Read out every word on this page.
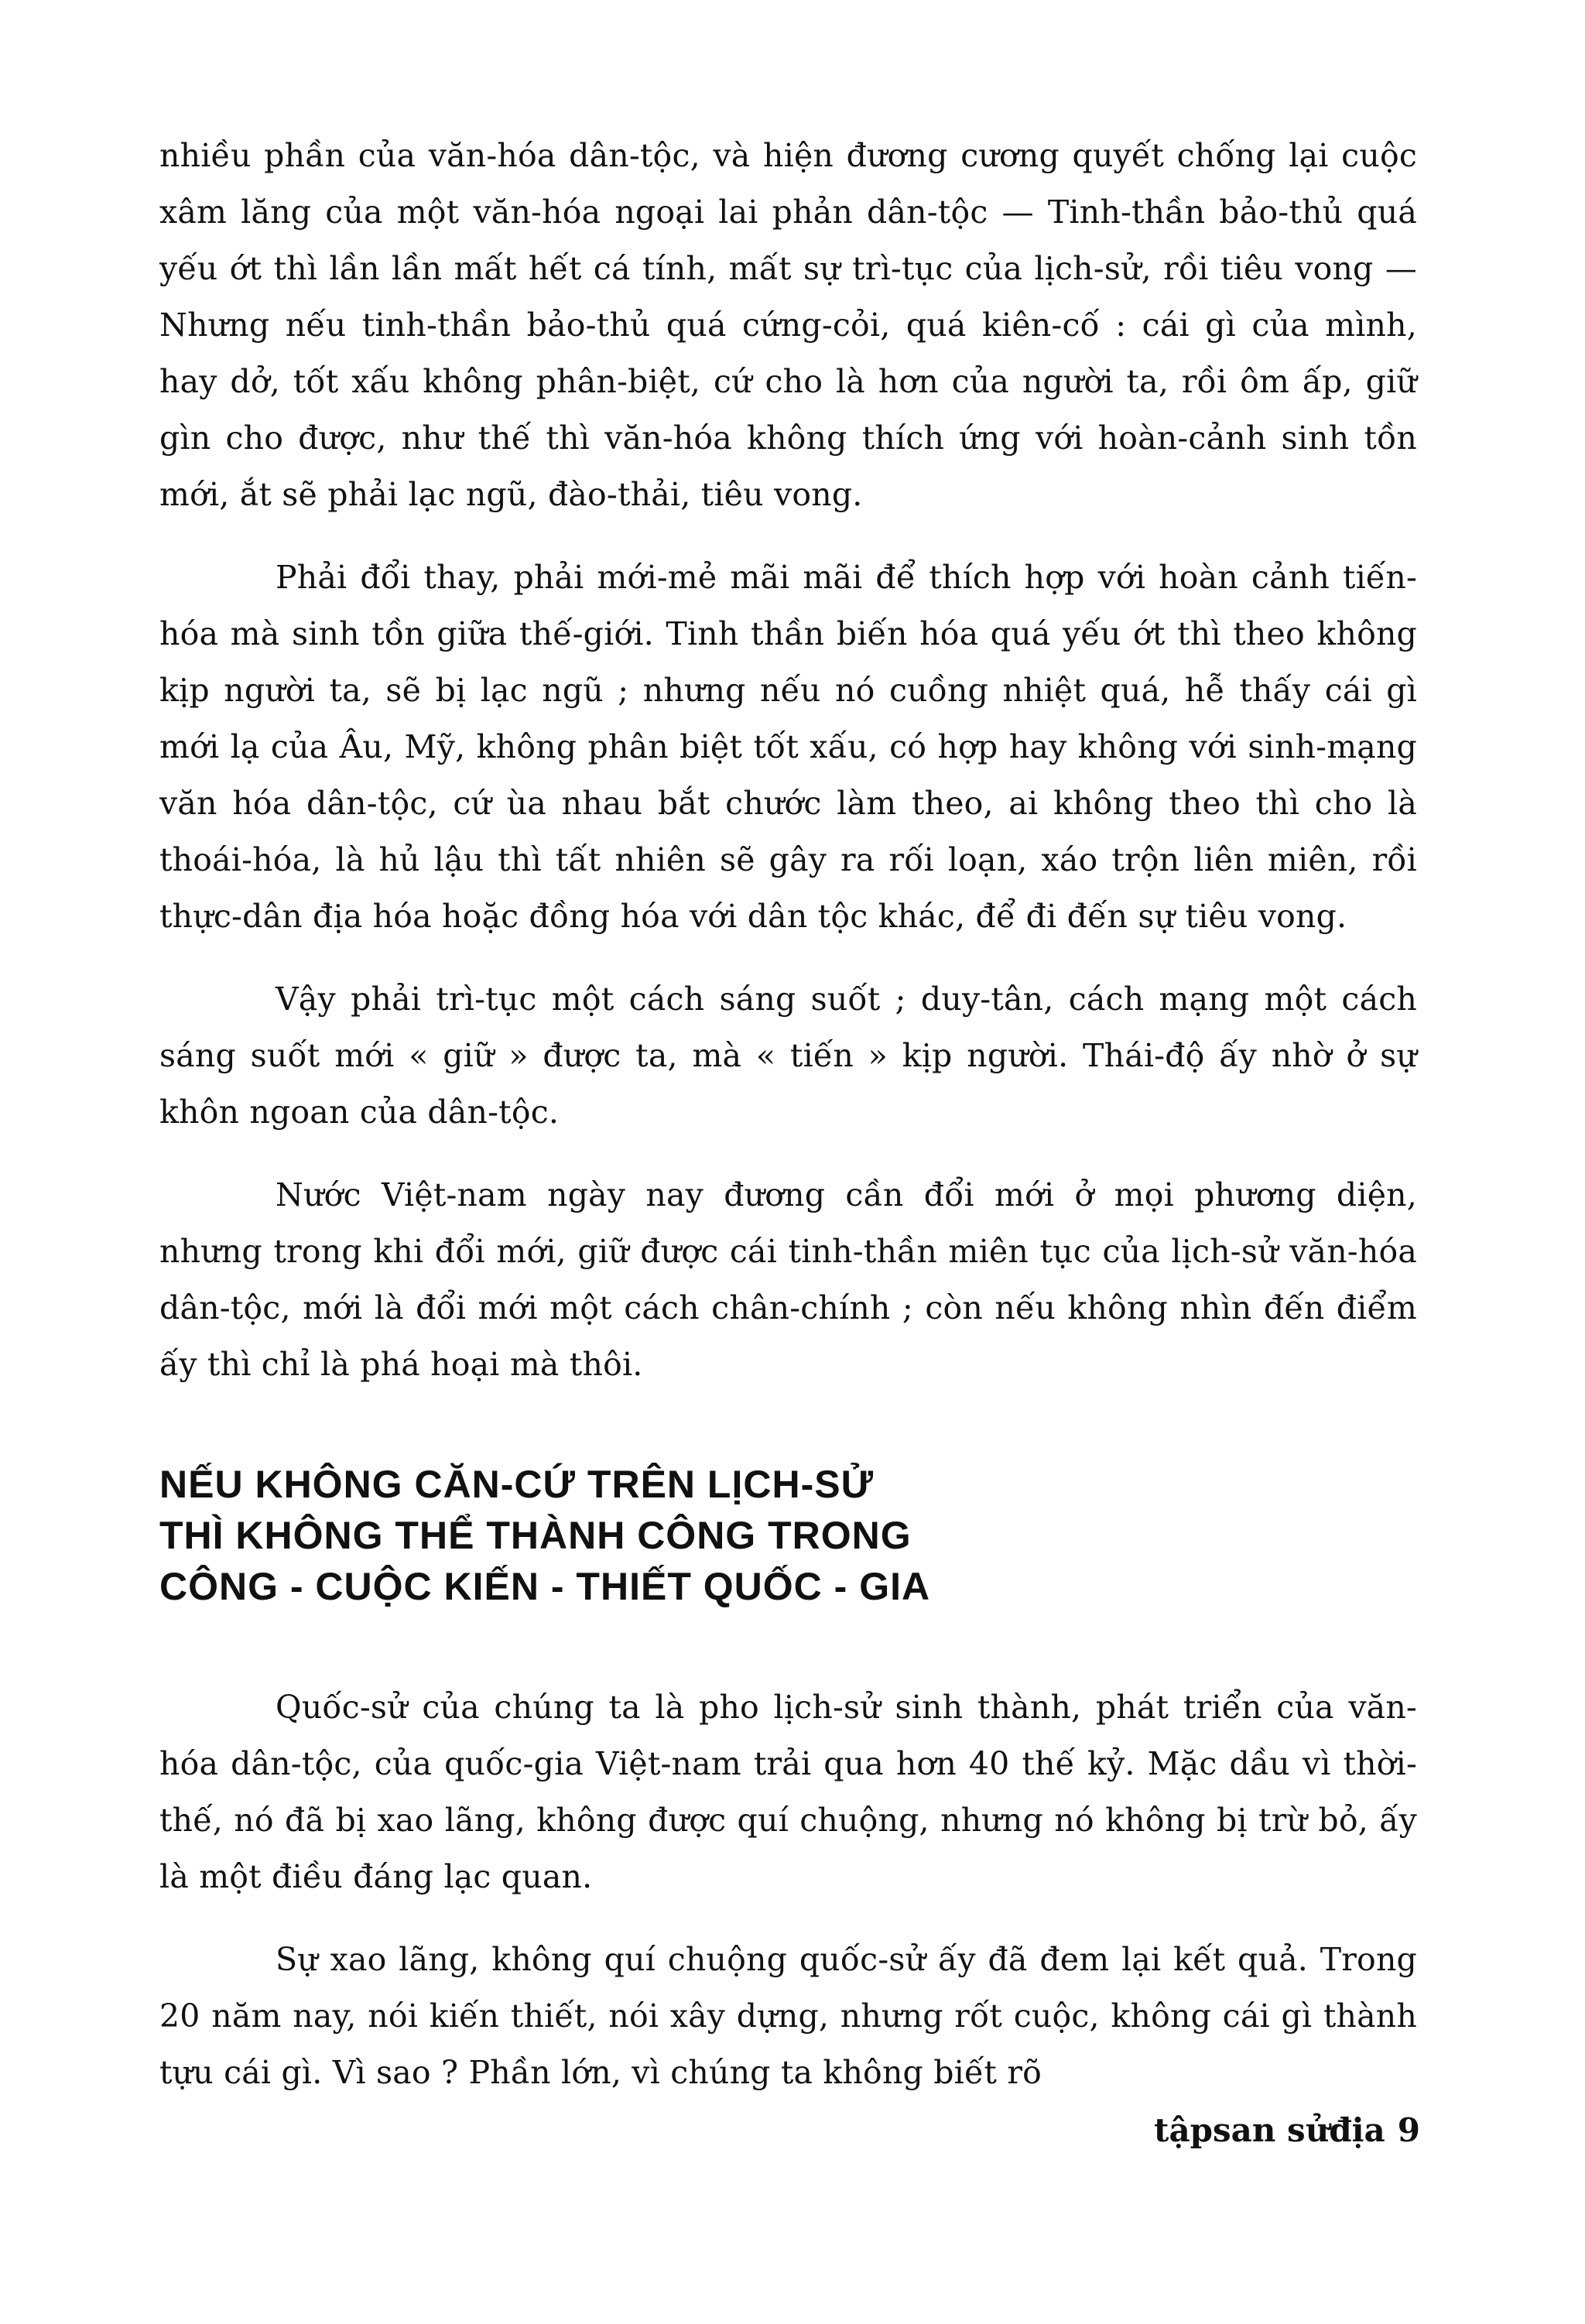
nhiều phần của văn-hóa dân-tộc, và hiện đương cương quyết chống lại cuộc xâm lăng của một văn-hóa ngoại lai phản dân-tộc — Tinh-thần bảo-thủ quá yếu ớt thì lần lần mất hết cá tính, mất sự trì-tục của lịch-sử, rồi tiêu vong — Nhưng nếu tinh-thần bảo-thủ quá cứng-cỏi, quá kiên-cố : cái gì của mình, hay dở, tốt xấu không phân-biệt, cứ cho là hơn của người ta, rồi ôm ấp, giữ gìn cho được, như thế thì văn-hóa không thích ứng với hoàn-cảnh sinh tồn mới, ắt sẽ phải lạc ngũ, đào-thải, tiêu vong.

Phải đổi thay, phải mới-mẻ mãi mãi để thích hợp với hoàn cảnh tiến-hóa mà sinh tồn giữa thế-giới. Tinh thần biến hóa quá yếu ớt thì theo không kịp người ta, sẽ bị lạc ngũ ; nhưng nếu nó cuồng nhiệt quá, hễ thấy cái gì mới lạ của Âu, Mỹ, không phân biệt tốt xấu, có hợp hay không với sinh-mạng văn hóa dân-tộc, cứ ùa nhau bắt chước làm theo, ai không theo thì cho là thoái-hóa, là hủ lậu thì tất nhiên sẽ gây ra rối loạn, xáo trộn liên miên, rồi thực-dân địa hóa hoặc đồng hóa với dân tộc khác, để đi đến sự tiêu vong.

Vậy phải trì-tục một cách sáng suốt ; duy-tân, cách mạng một cách sáng suốt mới « giữ » được ta, mà « tiến » kịp người. Thái-độ ấy nhờ ở sự khôn ngoan của dân-tộc.

Nước Việt-nam ngày nay đương cần đổi mới ở mọi phương diện, nhưng trong khi đổi mới, giữ được cái tinh-thần miên tục của lịch-sử văn-hóa dân-tộc, mới là đổi mới một cách chân-chính ; còn nếu không nhìn đến điểm ấy thì chỉ là phá hoại mà thôi.

NẾU KHÔNG CĂN-CỨ TRÊN LỊCH-SỬ
THÌ KHÔNG THỂ THÀNH CÔNG TRONG
CÔNG - CUỘC KIẾN - THIẾT QUỐC - GIA

Quốc-sử của chúng ta là pho lịch-sử sinh thành, phát triển của văn-hóa dân-tộc, của quốc-gia Việt-nam trải qua hơn 40 thế kỷ. Mặc dầu vì thời-thế, nó đã bị xao lãng, không được quí chuộng, nhưng nó không bị trừ bỏ, ấy là một điều đáng lạc quan.

Sự xao lãng, không quí chuộng quốc-sử ấy đã đem lại kết quả. Trong 20 năm nay, nói kiến thiết, nói xây dựng, nhưng rốt cuộc, không cái gì thành tựu cái gì. Vì sao ? Phần lớn, vì chúng ta không biết rõ

tậpsan sửđịa 9
